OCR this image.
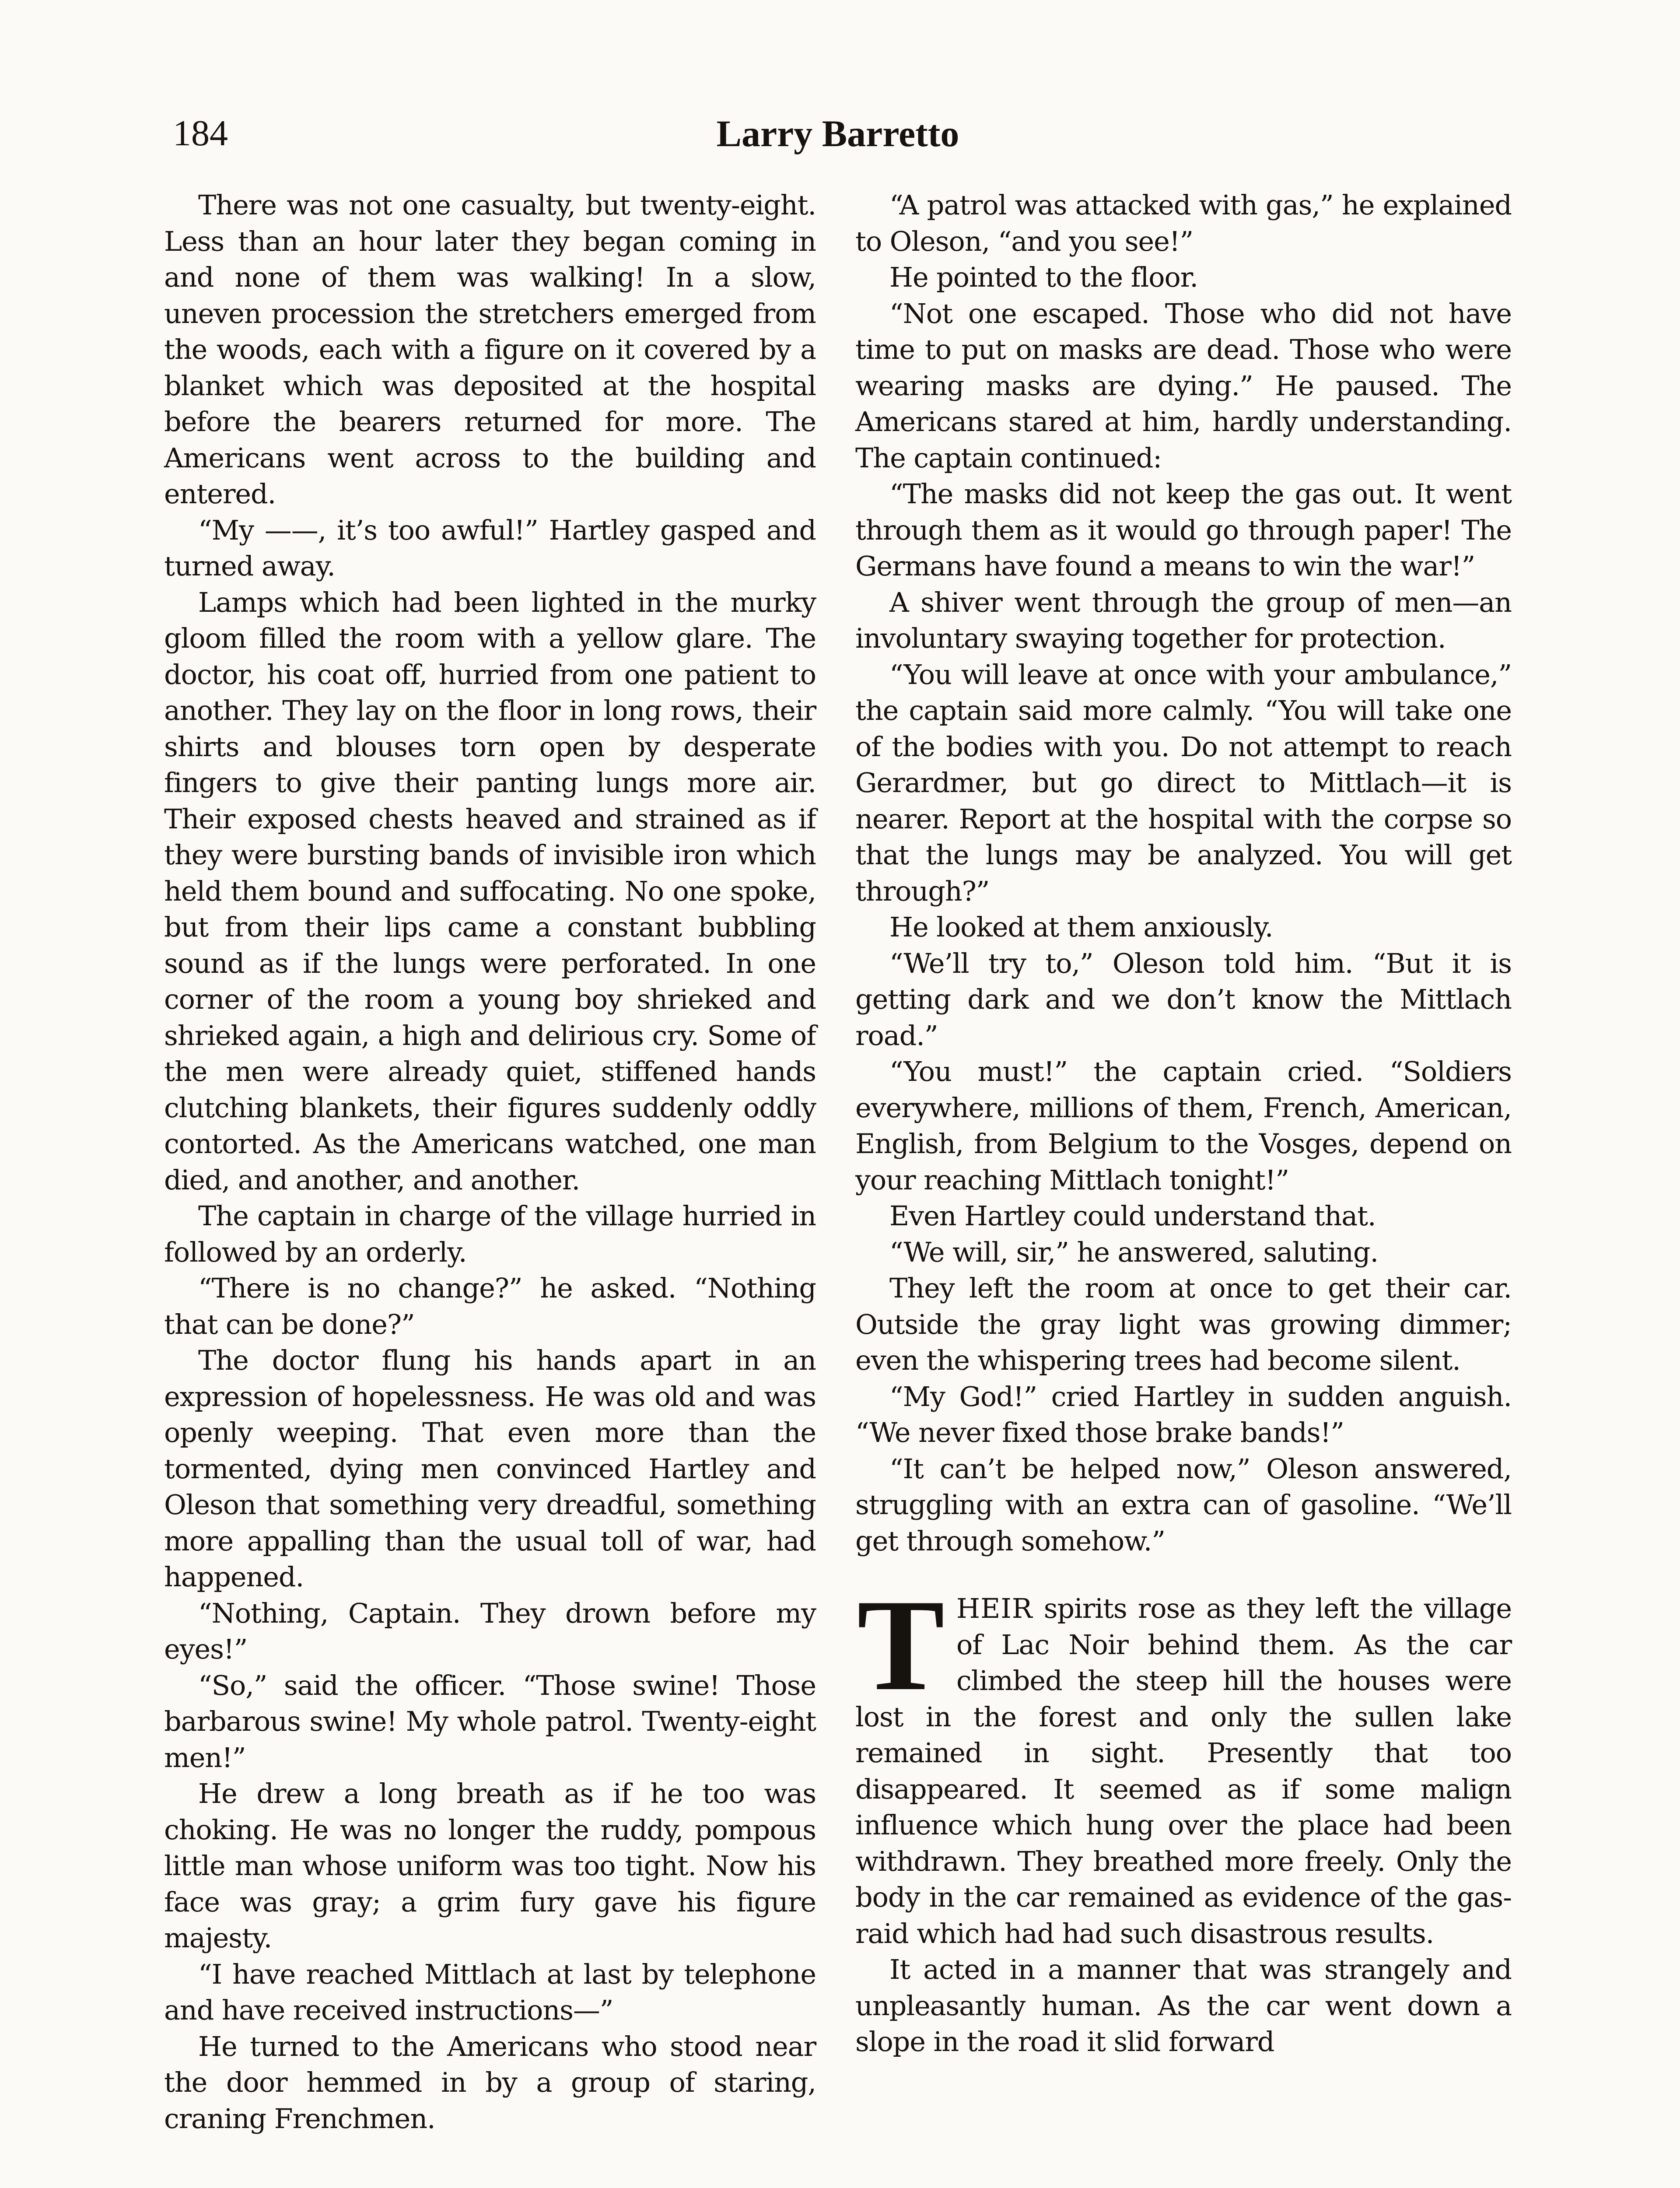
184	Larry Barretto

There was not one casualty, but twenty-eight. Less than an hour later they began coming in and none of them was walking! In a slow, uneven procession the stretchers emerged from the woods, each with a figure on it covered by a blanket which was deposited at the hospital before the bearers returned for more. The Americans went across to the building and entered.

“My ——, it’s too awful!” Hartley gasped and turned away.

Lamps which had been lighted in the murky gloom filled the room with a yellow glare. The doctor, his coat off, hurried from one patient to another. They lay on the floor in long rows, their shirts and blouses torn open by desperate fingers to give their panting lungs more air. Their exposed chests heaved and strained as if they were bursting bands of invisible iron which held them bound and suffocating. No one spoke, but from their lips came a constant bubbling sound as if the lungs were perforated. In one corner of the room a young boy shrieked and shrieked again, a high and delirious cry. Some of the men were already quiet, stiffened hands clutching blankets, their figures suddenly oddly contorted. As the Americans watched, one man died, and another, and another.

The captain in charge of the village hurried in followed by an orderly.

“There is no change?” he asked. “Nothing that can be done?”

The doctor flung his hands apart in an expression of hopelessness. He was old and was openly weeping. That even more than the tormented, dying men convinced Hartley and Oleson that something very dreadful, something more appalling than the usual toll of war, had happened.

“Nothing, Captain. They drown before my eyes!”

“So,” said the officer. “Those swine! Those barbarous swine! My whole patrol. Twenty-eight men!”

He drew a long breath as if he too was choking. He was no longer the ruddy, pompous little man whose uniform was too tight. Now his face was gray; a grim fury gave his figure majesty.

“I have reached Mittlach at last by telephone and have received instructions—”

He turned to the Americans who stood near the door hemmed in by a group of staring, craning Frenchmen.

“A patrol was attacked with gas,” he explained to Oleson, “and you see!”

He pointed to the floor.

“Not one escaped. Those who did not have time to put on masks are dead. Those who were wearing masks are dying.” He paused. The Americans stared at him, hardly understanding. The captain continued:

“The masks did not keep the gas out. It went through them as it would go through paper! The Germans have found a means to win the war!”

A shiver went through the group of men—an involuntary swaying together for protection.

“You will leave at once with your ambulance,” the captain said more calmly. “You will take one of the bodies with you. Do not attempt to reach Gerardmer, but go direct to Mittlach—it is nearer. Report at the hospital with the corpse so that the lungs may be analyzed. You will get through?”

He looked at them anxiously.

“We’ll try to,” Oleson told him. “But it is getting dark and we don’t know the Mittlach road.”

“You must!” the captain cried. “Soldiers everywhere, millions of them, French, American, English, from Belgium to the Vosges, depend on your reaching Mittlach tonight!”

Even Hartley could understand that.

“We will, sir,” he answered, saluting.

They left the room at once to get their car. Outside the gray light was growing dimmer; even the whispering trees had become silent.

“My God!” cried Hartley in sudden anguish. “We never fixed those brake bands!”

“It can’t be helped now,” Oleson answered, struggling with an extra can of gasoline. “We’ll get through somehow.”

THEIR spirits rose as they left the village of Lac Noir behind them. As the car climbed the steep hill the houses were lost in the forest and only the sullen lake remained in sight. Presently that too disappeared. It seemed as if some malign influence which hung over the place had been withdrawn. They breathed more freely. Only the body in the car remained as evidence of the gas-raid which had had such disastrous results.

It acted in a manner that was strangely and unpleasantly human. As the car went down a slope in the road it slid forward
